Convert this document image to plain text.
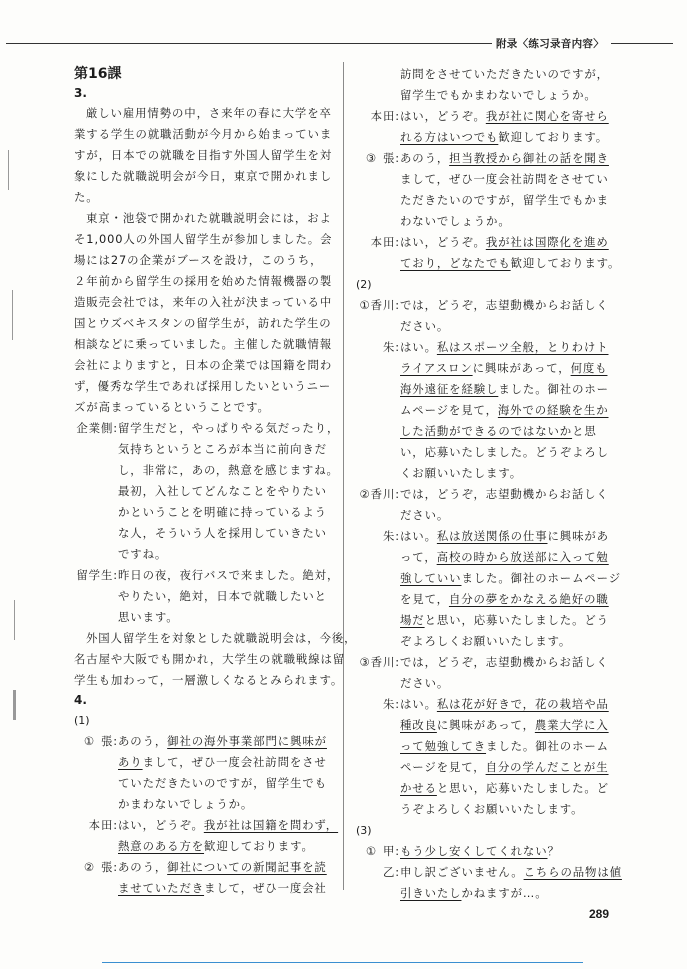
附录〈练习录音内容〉
第16課
3.
厳しい雇用情勢の中，さ来年の春に大学を卒
業する学生の就職活動が今月から始まっていま
すが，日本での就職を目指す外国人留学生を対
象にした就職説明会が今日，東京で開かれまし
た。
東京・池袋で開かれた就職説明会には，およ
そ1,000人の外国人留学生が参加しました。会
場には27の企業がブースを設け，このうち，
２年前から留学生の採用を始めた情報機器の製
造販売会社では，来年の入社が決まっている中
国とウズベキスタンの留学生が，訪れた学生の
相談などに乗っていました。主催した就職情報
会社によりますと，日本の企業では国籍を問わ
ず，優秀な学生であれば採用したいというニー
ズが高まっているということです。
企業側: 留学生だと，やっぱりやる気だったり，
気持ちというところが本当に前向きだ
し，非常に，あの，熱意を感じますね。
最初，入社してどんなことをやりたい
かということを明確に持っているよう
な人，そういう人を採用していきたい
ですね。
留学生: 昨日の夜，夜行バスで来ました。絶対，
やりたい，絶対，日本で就職したいと
思います。
外国人留学生を対象とした就職説明会は，今後，
名古屋や大阪でも開かれ，大学生の就職戦線は留
学生も加わって，一層激しくなるとみられます。
4.
(1)
① 張: あのう，御社の海外事業部門に興味が
ありまして，ぜひ一度会社訪問をさせ
ていただきたいのですが，留学生でも
かまわないでしょうか。
本田: はい，どうぞ。我が社は国籍を問わず，
熱意のある方を歓迎しております。
② 張: あのう，御社についての新聞記事を読
ませていただきまして，ぜひ一度会社
訪問をさせていただきたいのですが，
留学生でもかまわないでしょうか。
本田: はい，どうぞ。我が社に関心を寄せら
れる方はいつでも歓迎しております。
③ 張: あのう，担当教授から御社の話を聞き
まして，ぜひ一度会社訪問をさせてい
ただきたいのですが，留学生でもかま
わないでしょうか。
本田: はい，どうぞ。我が社は国際化を進め
ており，どなたでも歓迎しております。
(2)
①香川: では，どうぞ，志望動機からお話しく
ださい。
朱: はい。私はスポーツ全般，とりわけト
ライアスロンに興味があって，何度も
海外遠征を経験しました。御社のホー
ムページを見て，海外での経験を生か
した活動ができるのではないかと思
い，応募いたしました。どうぞよろし
くお願いいたします。
②香川: では，どうぞ，志望動機からお話しく
ださい。
朱: はい。私は放送関係の仕事に興味があ
って，高校の時から放送部に入って勉
強していいました。御社のホームページ
を見て，自分の夢をかなえる絶好の職
場だと思い，応募いたしました。どう
ぞよろしくお願いいたします。
③香川: では，どうぞ，志望動機からお話しく
ださい。
朱: はい。私は花が好きで，花の栽培や品
種改良に興味があって，農業大学に入
って勉強してきました。御社のホーム
ページを見て，自分の学んだことが生
かせると思い，応募いたしました。ど
うぞよろしくお願いいたします。
(3)
① 甲: もう少し安くしてくれない？
乙: 申し訳ございません。こちらの品物は値
引きいたしかねますが…。
289
